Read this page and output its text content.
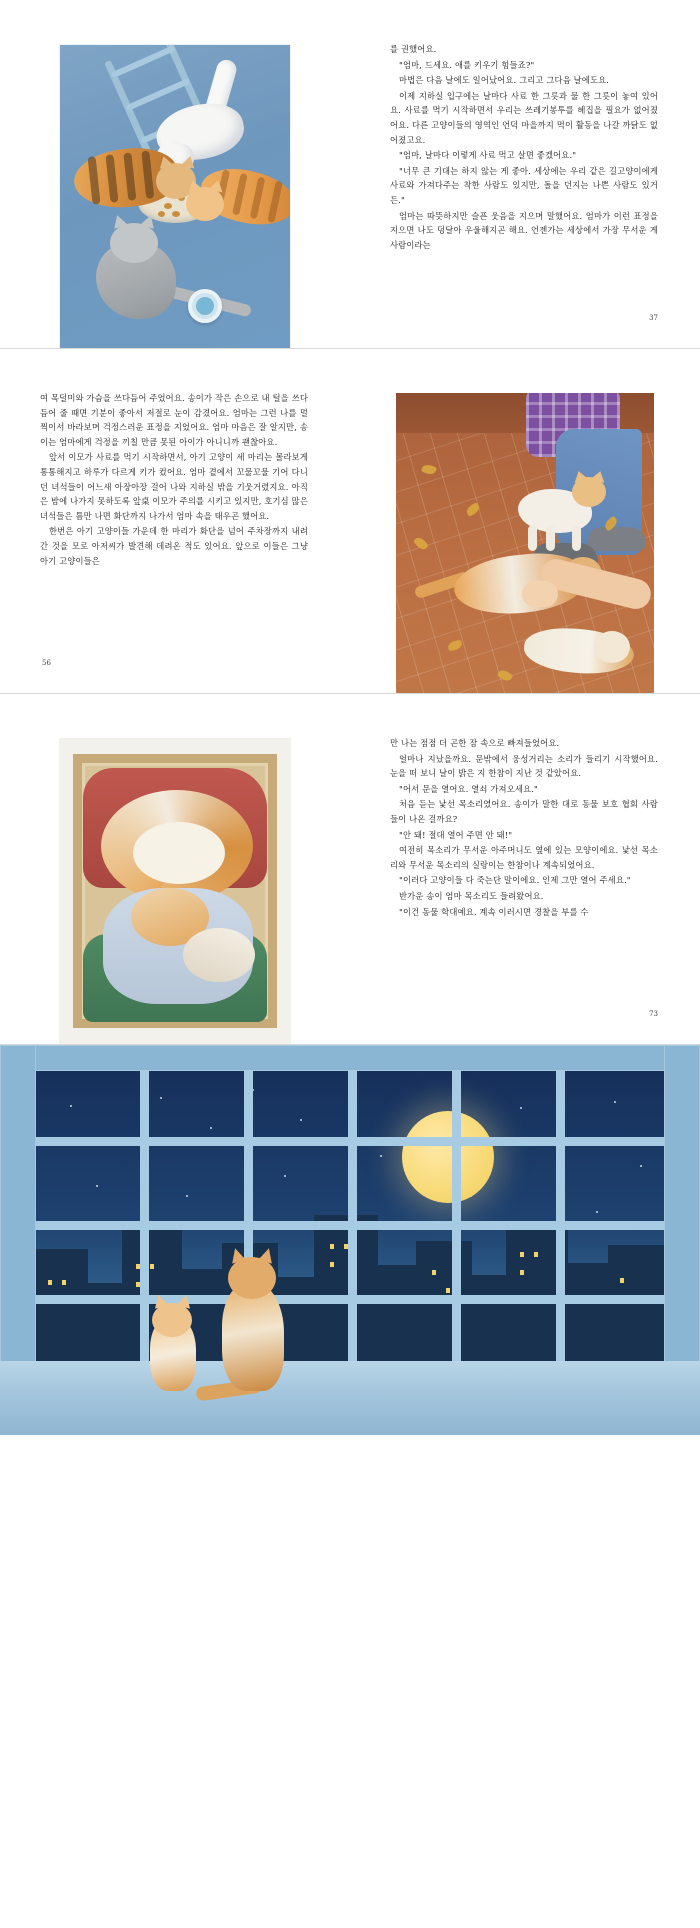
를 권했어요.

"엄마, 드세요. 애를 키우기 힘들죠?"

마법은 다음 날에도 일어났어요. 그리고 그다음 날에도요.

이제 지하실 입구에는 날마다 사료 한 그릇과 물 한 그릇이 놓여 있어요. 사료를 먹기 시작하면서 우리는 쓰레기봉투를 헤집을 필요가 없어졌어요. 다른 고양이들의 영역인 언덕 마을까지 먹이 활동을 나갈 까닭도 없어졌고요.

"엄마, 날마다 이렇게 사료 먹고 살면 좋겠어요."

"너무 큰 기대는 하지 않는 게 좋아. 세상에는 우리 같은 길고양이에게 사료와 가져다주는 착한 사람도 있지만, 돌을 던지는 나쁜 사람도 있거든."

엄마는 따뜻하지만 슬픈 웃음을 지으며 말했어요. 엄마가 이런 표정을 지으면 나도 덩달아 우울해지곤 해요. 언젠가는 세상에서 가장 무서운 게 사람이라는

37

여 목덜미와 가슴을 쓰다듬어 주었어요. 송이가 작은 손으로 내 털을 쓰다듬어 줄 때면 기분이 좋아서 저절로 눈이 감겼어요. 엄마는 그런 나를 멀찍이서 바라보며 걱정스러운 표정을 지었어요. 엄마 마음은 잘 알지만, 송이는 엄마에게 걱정을 끼칠 만큼 못된 아이가 아니니까 괜찮아요.

앞서 이모가 사료를 먹기 시작하면서, 아기 고양이 세 마리는 몰라보게 통통해지고 하루가 다르게 키가 컸어요. 엄마 곁에서 꼬물꼬물 기어 다니던 녀석들이 어느새 아장아장 걸어 나와 지하실 밖을 기웃거렸지요. 아직은 밤에 나가지 못하도록 앞桌 이모가 주의를 시키고 있지만, 호기심 많은 녀석들은 틈만 나면 화단까지 나가서 엄마 속을 태우곤 했어요.

한번은 아기 고양이들 가운데 한 마리가 화단을 넘어 주차장까지 내려간 것을 모로 아저씨가 발견해 데려온 적도 있어요. 앞으로 이들은 그냥 아기 고양이들은

56

만 나는 점점 더 곤한 잠 속으로 빠져들었어요.

얼마나 지났을까요. 문밖에서 웅성거리는 소리가 들리기 시작했어요. 눈을 떠 보니 날이 밝은 지 한참이 지난 것 같았어요.

"어서 문을 열어요. 열쇠 가져오세요."

처음 듣는 낯선 목소리였어요. 송이가 말한 대로 동물 보호 협회 사람들이 나온 걸까요?

"안 돼! 절대 열어 주면 안 돼!"

여전히 목소리가 무서운 아주머니도 옆에 있는 모양이에요. 낯선 목소리와 무서운 목소리의 실랑이는 한참이나 계속되었어요.

"이러다 고양이들 다 죽는단 말이에요. 인제 그만 열어 주세요."

반가운 송이 엄마 목소리도 들려왔어요.

"이건 동물 학대예요. 계속 이러시면 경찰을 부를 수

73
